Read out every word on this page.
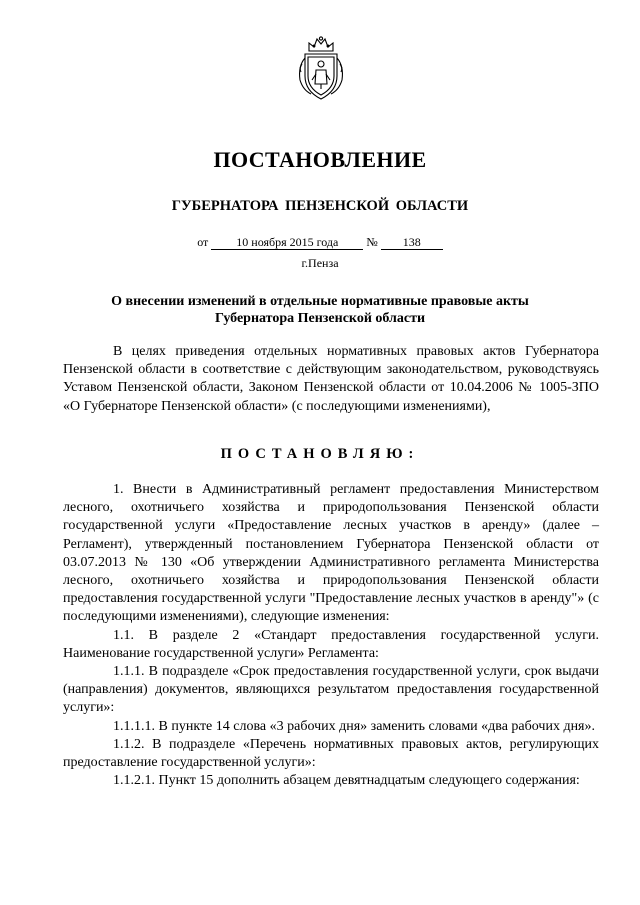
ПОСТАНОВЛЕНИЕ
ГУБЕРНАТОРА ПЕНЗЕНСКОЙ ОБЛАСТИ
от 10 ноября 2015 года № 138
г.Пенза
О внесении изменений в отдельные нормативные правовые акты
Губернатора Пензенской области

В целях приведения отдельных нормативных правовых актов Губернатора Пензенской области в соответствие с действующим законодательством, руководствуясь Уставом Пензенской области, Законом Пензенской области от 10.04.2006 № 1005-ЗПО «О Губернаторе Пензенской области» (с последующими изменениями),

ПОСТАНОВЛЯЮ:

1. Внести в Административный регламент предоставления Министерством лесного, охотничьего хозяйства и природопользования Пензенской области государственной услуги «Предоставление лесных участков в аренду» (далее – Регламент), утвержденный постановлением Губернатора Пензенской области от 03.07.2013 № 130 «Об утверждении Административного регламента Министерства лесного, охотничьего хозяйства и природопользования Пензенской области предоставления государственной услуги "Предоставление лесных участков в аренду"» (с последующими изменениями), следующие изменения:

1.1. В разделе 2 «Стандарт предоставления государственной услуги. Наименование государственной услуги» Регламента:

1.1.1. В подразделе «Срок предоставления государственной услуги, срок выдачи (направления) документов, являющихся результатом предоставления государственной услуги»:

1.1.1.1. В пункте 14 слова «3 рабочих дня» заменить словами «два рабочих дня».

1.1.2. В подразделе «Перечень нормативных правовых актов, регулирующих предоставление государственной услуги»:

1.1.2.1. Пункт 15 дополнить абзацем девятнадцатым следующего содержания:
